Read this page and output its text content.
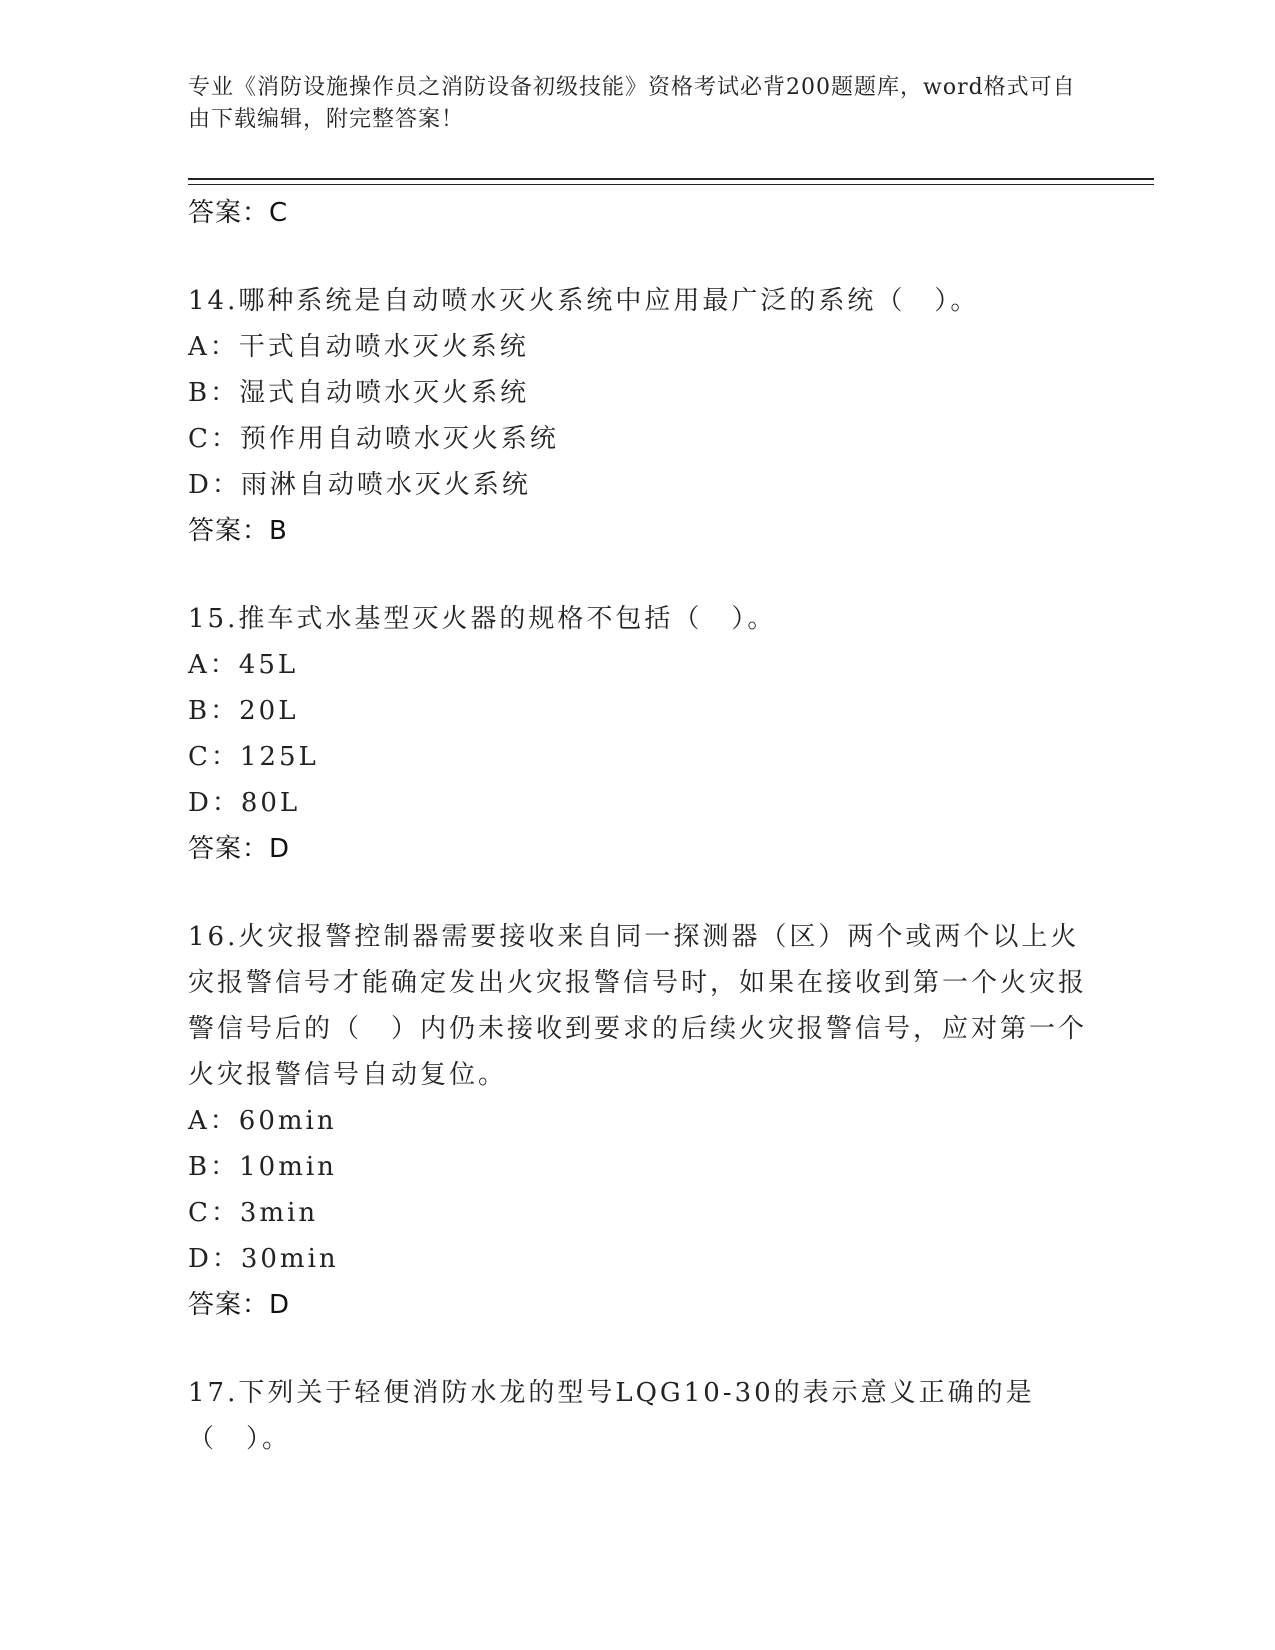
专业《消防设施操作员之消防设备初级技能》资格考试必背200题题库，word格式可自由下载编辑，附完整答案！
答案：C

14.哪种系统是自动喷水灭火系统中应用最广泛的系统（　）。

A：干式自动喷水灭火系统
B：湿式自动喷水灭火系统
C：预作用自动喷水灭火系统
D：雨淋自动喷水灭火系统
答案：B

15.推车式水基型灭火器的规格不包括（　）。

A：45L
B：20L
C：125L
D：80L
答案：D

16.火灾报警控制器需要接收来自同一探测器（区）两个或两个以上火灾报警信号才能确定发出火灾报警信号时，如果在接收到第一个火灾报警信号后的（　）内仍未接收到要求的后续火灾报警信号，应对第一个火灾报警信号自动复位。

A：60min
B：10min
C：3min
D：30min
答案：D

17.下列关于轻便消防水龙的型号LQG10-30的表示意义正确的是（　）。
